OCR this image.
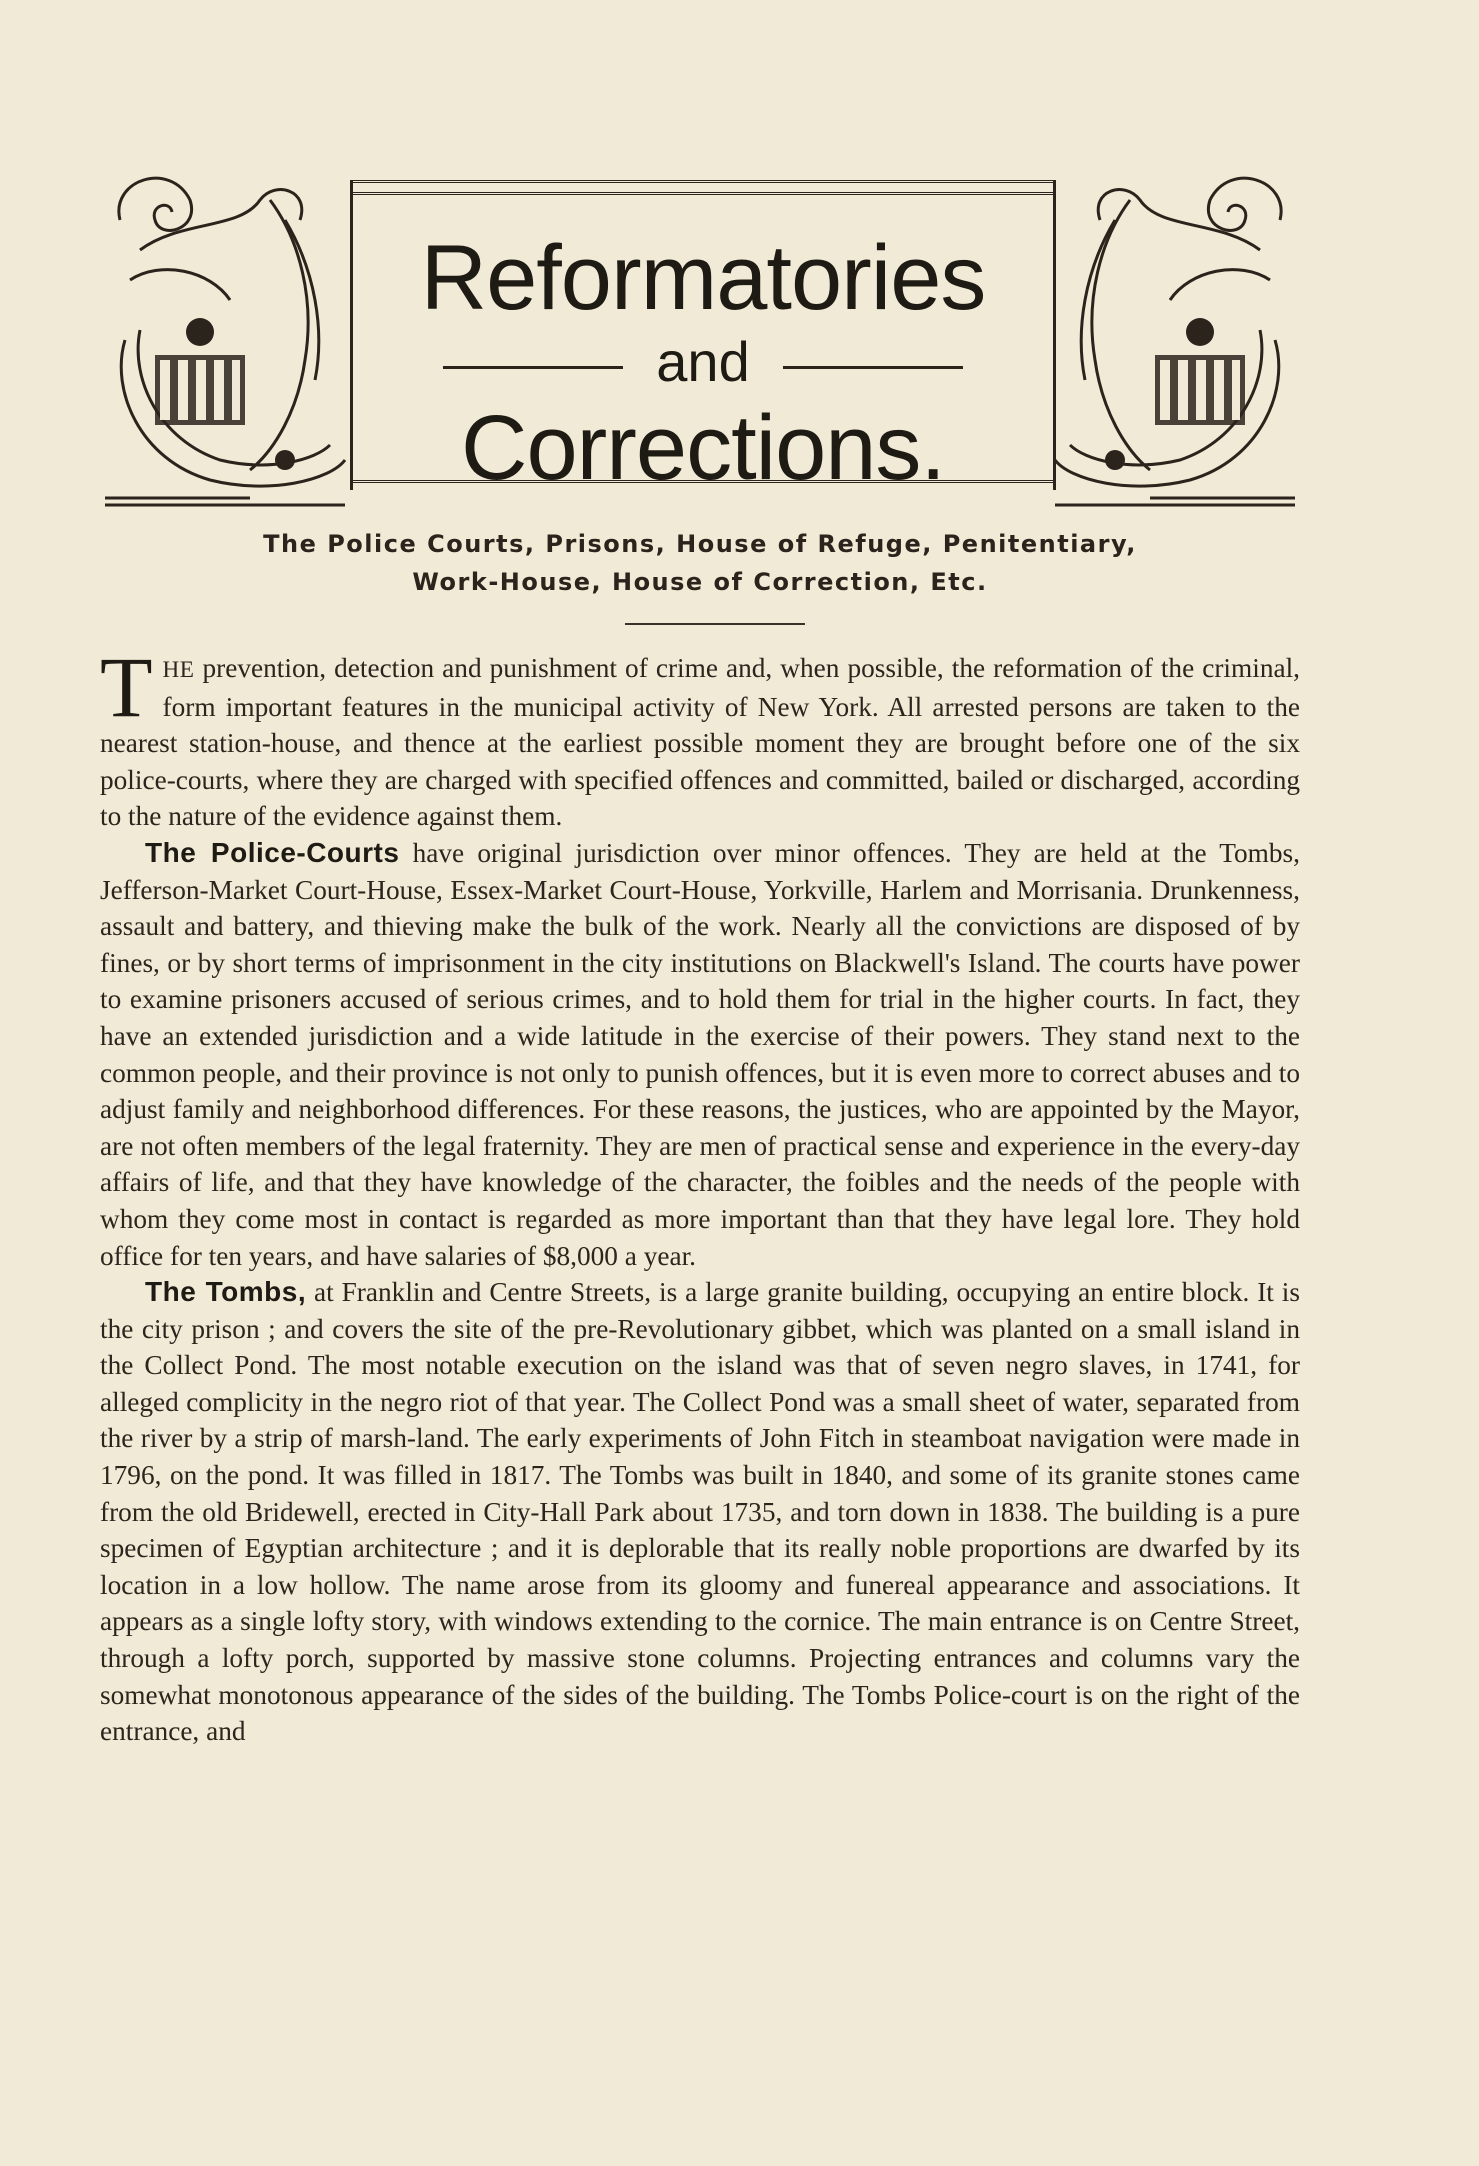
Reformatories
and
Corrections.
The Police Courts, Prisons, House of Refuge, Penitentiary,
Work-House, House of Correction, Etc.

THE prevention, detection and punishment of crime and, when possible, the reformation of the criminal, form important features in the municipal activity of New York. All arrested persons are taken to the nearest station-house, and thence at the earliest possible moment they are brought before one of the six police-courts, where they are charged with specified offences and committed, bailed or discharged, according to the nature of the evidence against them.

The Police-Courts have original jurisdiction over minor offences. They are held at the Tombs, Jefferson-Market Court-House, Essex-Market Court-House, Yorkville, Harlem and Morrisania. Drunkenness, assault and battery, and thieving make the bulk of the work. Nearly all the convictions are disposed of by fines, or by short terms of imprisonment in the city institutions on Blackwell's Island. The courts have power to examine prisoners accused of serious crimes, and to hold them for trial in the higher courts. In fact, they have an extended jurisdiction and a wide latitude in the exercise of their powers. They stand next to the common people, and their province is not only to punish offences, but it is even more to correct abuses and to adjust family and neighborhood differences. For these reasons, the justices, who are appointed by the Mayor, are not often members of the legal fraternity. They are men of practical sense and experience in the every-day affairs of life, and that they have knowledge of the character, the foibles and the needs of the people with whom they come most in contact is regarded as more important than that they have legal lore. They hold office for ten years, and have salaries of $8,000 a year.

The Tombs, at Franklin and Centre Streets, is a large granite building, occupying an entire block. It is the city prison ; and covers the site of the pre-Revolutionary gibbet, which was planted on a small island in the Collect Pond. The most notable execution on the island was that of seven negro slaves, in 1741, for alleged complicity in the negro riot of that year. The Collect Pond was a small sheet of water, separated from the river by a strip of marsh-land. The early experiments of John Fitch in steamboat navigation were made in 1796, on the pond. It was filled in 1817. The Tombs was built in 1840, and some of its granite stones came from the old Bridewell, erected in City-Hall Park about 1735, and torn down in 1838. The building is a pure specimen of Egyptian architecture ; and it is deplorable that its really noble proportions are dwarfed by its location in a low hollow. The name arose from its gloomy and funereal appearance and associations. It appears as a single lofty story, with windows extending to the cornice. The main entrance is on Centre Street, through a lofty porch, supported by massive stone columns. Projecting entrances and columns vary the somewhat monotonous appearance of the sides of the building. The Tombs Police-court is on the right of the entrance, and
